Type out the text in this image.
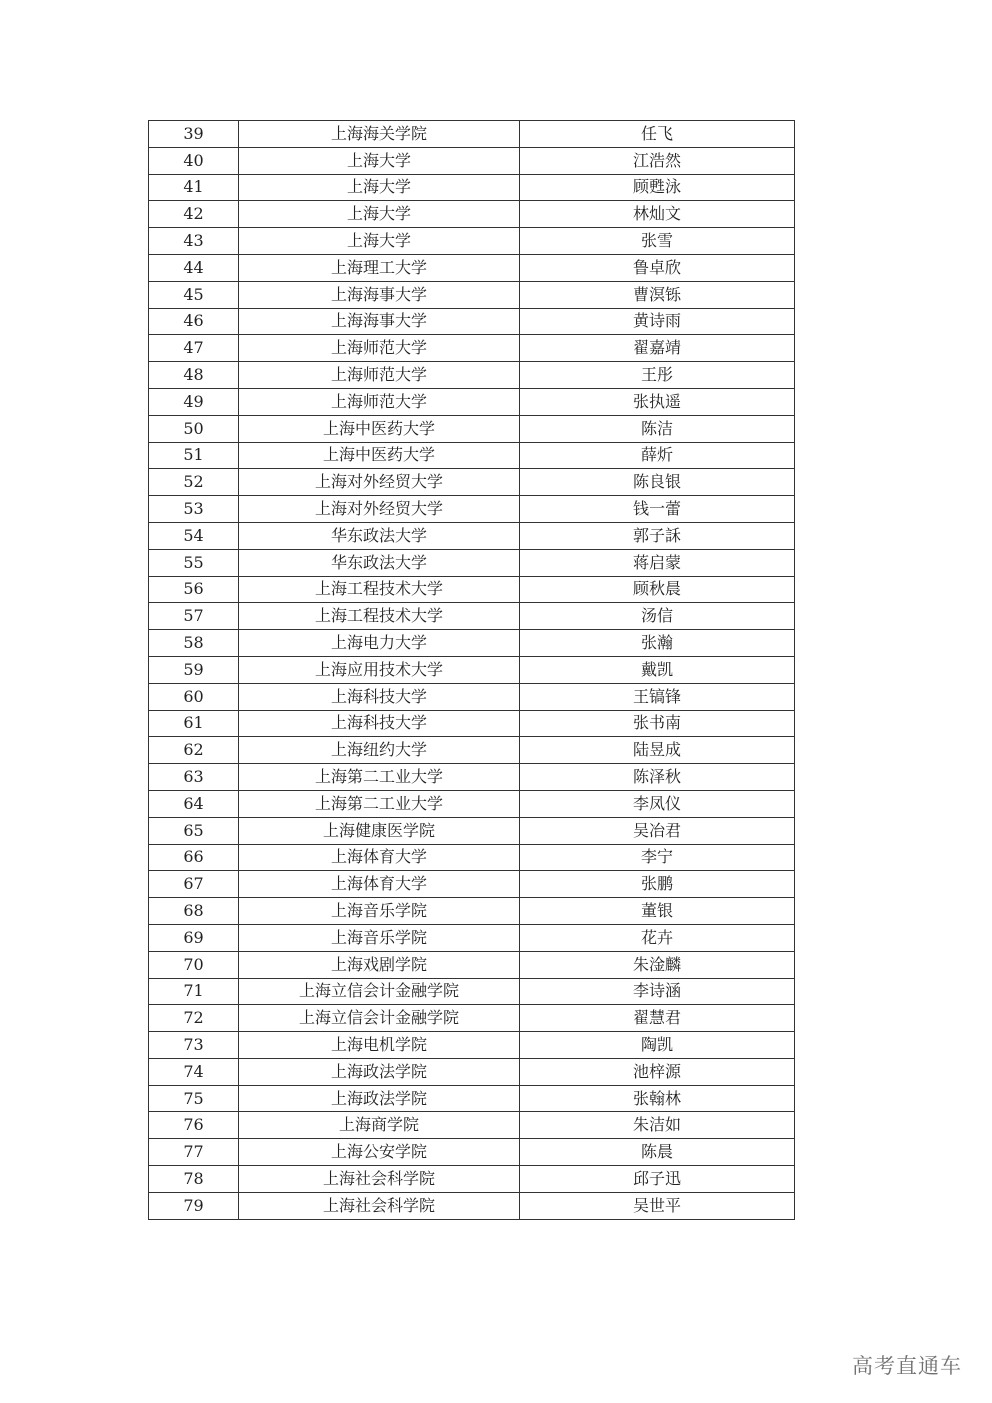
39	上海海关学院	任飞
40	上海大学	江浩然
41	上海大学	顾甦泳
42	上海大学	林灿文
43	上海大学	张雪
44	上海理工大学	鲁卓欣
45	上海海事大学	曹溟铄
46	上海海事大学	黄诗雨
47	上海师范大学	翟嘉靖
48	上海师范大学	王彤
49	上海师范大学	张执遥
50	上海中医药大学	陈洁
51	上海中医药大学	薛炘
52	上海对外经贸大学	陈良银
53	上海对外经贸大学	钱一蕾
54	华东政法大学	郭子訸
55	华东政法大学	蒋启蒙
56	上海工程技术大学	顾秋晨
57	上海工程技术大学	汤信
58	上海电力大学	张瀚
59	上海应用技术大学	戴凯
60	上海科技大学	王镐锋
61	上海科技大学	张书南
62	上海纽约大学	陆昱成
63	上海第二工业大学	陈泽秋
64	上海第二工业大学	李凤仪
65	上海健康医学院	吴冶君
66	上海体育大学	李宁
67	上海体育大学	张鹏
68	上海音乐学院	董银
69	上海音乐学院	花卉
70	上海戏剧学院	朱淦麟
71	上海立信会计金融学院	李诗涵
72	上海立信会计金融学院	翟慧君
73	上海电机学院	陶凯
74	上海政法学院	池梓源
75	上海政法学院	张翰林
76	上海商学院	朱洁如
77	上海公安学院	陈晨
78	上海社会科学院	邱子迅
79	上海社会科学院	吴世平
高考直通车
